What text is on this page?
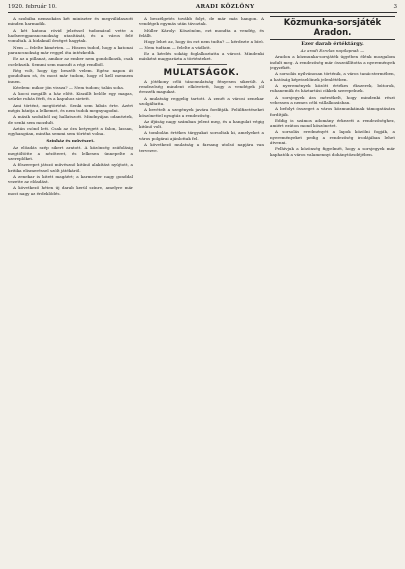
1920. február 10.	ARADI KÖZLÖNY	3

A szobába nemsokára két miniszter és megválidaszott minden harmadik.

A két katona rövid jelzéssel tudomásul vette a hadseregparancsnokság utasítását, és a város felé vonultak. A hidaknál őrséget hagytak.

Nem — felelte kimérten. — Hiszen tudod, hogy a katonai parancsnokság már reggel óta intézkedik.

Ez az a pillanat, amikor az ember nem gondolkozik, csak cselekszik. Semmi sem maradt a régi rendből.

Rég volt, hogy így beszélt velem. Egész napon át gondoltam rá, és most már tudom, hogy el kell mennem innen.

Kérdem: mikor jön vissza? — Nem tudom; talán soha.

A kocsi megállt a ház előtt. Kiszállt belőle egy magas, szürke ruhás férfi, és a kapuhoz sietett.

Ami történt, megtörtént. Senki sem hibás érte. Azért mégis bántja a lelkemet, és nem tudok megnyugodni.

A másik szobából zaj hallatszott. Mindnyájan odanéztek, de senki sem mozdult.

Aztán csönd lett. Csak az óra ketyegett a falon, lassan, egyhangúan, mintha semmi sem történt volna.

Színház és művészet.

Az előadás szép sikert aratott. A közönség zsúfolásig megtöltötte a nézőteret, és lelkesen ünnepelte a szereplőket.

A főszerepet játszó művésznő kitűnő alakítást nyújtott, a kritika elismeréssel szólt játékáról.

A zenekar is kitett magáért; a karmester nagy gonddal vezette az előadást.

A következő héten új darab kerül színre, amelyre már most nagy az érdeklődés.

A beszélgetés tovább folyt, de már más hangon. A vendégek egymás után távoztak.

Müller Károly: Köszönöm, ezt mondta a vendég, és felállt.

Hogy lehet az, hogy ön ezt nem tudta? — kérdezte a bíró. — Nem tudtam — felelte a vádlott.

Ez a kérdés sokáig foglalkoztatta a várost. Mindenki másként magyarázta a történteket.

MULATSÁGOK.

A jótékony célú táncmulatság fényesen sikerült. A rendezőség mindent elkövetett, hogy a vendégek jól érezzék magukat.

A mulatság reggelig tartott. A zenét a városi zenekar szolgáltatta.

A bevételt a szegények javára fordítják. Felülfizetéseket köszönettel nyugtáz a rendezőség.

Az ifjúság nagy számban jelent meg, és a hangulat végig kitűnő volt.

A tombolán értékes tárgyakat sorsoltak ki, amelyeket a város polgárai ajánlottak fel.

A következő mulatság a farsang utolsó napjára van tervezve.

Közmunka-sorsjáték Aradon.
Ezer darab értéktárgy.
Az aradi Ezrelas napilapnak —

Aradon a közmunka-sorsjáték ügyében élénk mozgalom indult meg. A rendezőség már összeállította a nyeremények jegyzékét.

A sorsolás nyilvánosan történik, a város tanácstermében, a hatóság képviselőinek jelenlétében.

A nyeremények között értékes ékszerek, bútorok, ruhaneműk és háztartási cikkek szerepelnek.

A sorsjegyek ára mérsékelt, hogy mindenki részt vehessen a nemes célú vállalkozásban.

A befolyt összeget a város közmunkáinak támogatására fordítják.

Eddig is számos adomány érkezett a rendezőséghez, amiért ezúton mond köszönetet.

A sorsolás eredményét a lapok közölni fogják, a nyereményeket pedig a rendezőség irodájában lehet átvenni.

Felhívjuk a közönség figyelmét, hogy a sorsjegyek már kaphatók a város valamennyi dohánytőzsdéjében.
